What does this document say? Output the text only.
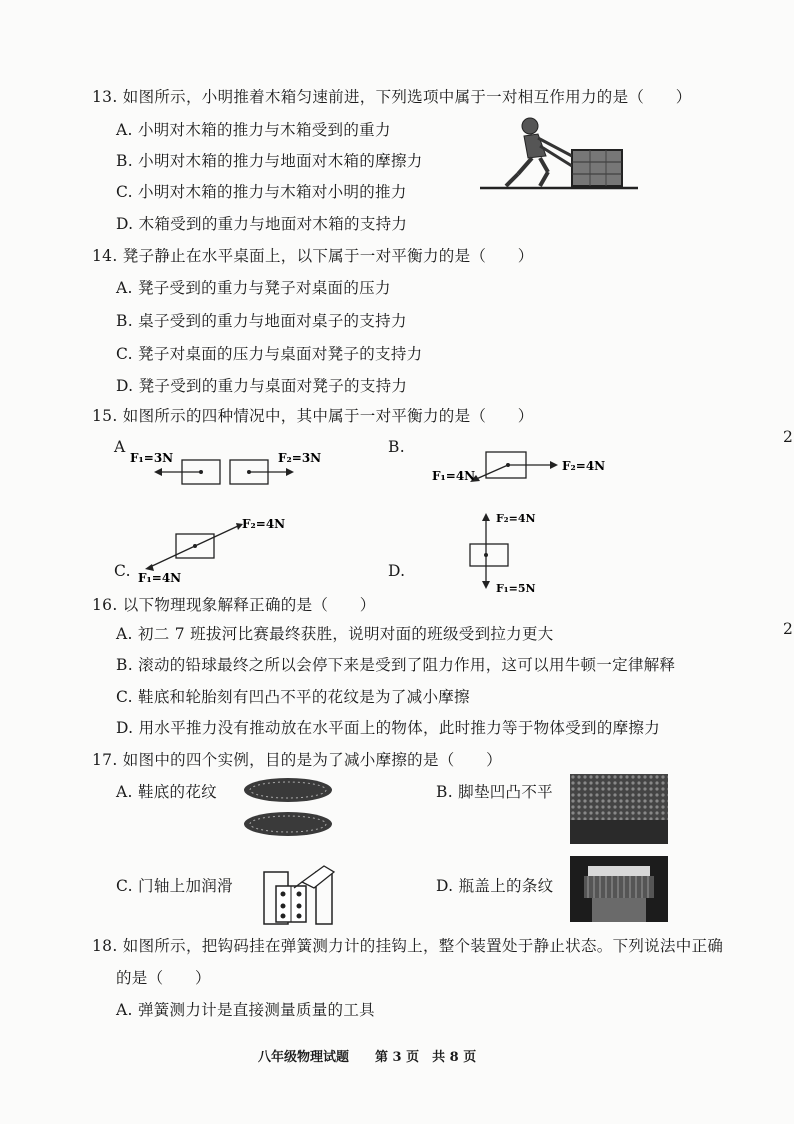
13. 如图所示，小明推着木箱匀速前进，下列选项中属于一对相互作用力的是（　　）
A. 小明对木箱的推力与木箱受到的重力
B. 小明对木箱的推力与地面对木箱的摩擦力
C. 小明对木箱的推力与木箱对小明的推力
D. 木箱受到的重力与地面对木箱的支持力
14. 凳子静止在水平桌面上，以下属于一对平衡力的是（　　）
A. 凳子受到的重力与凳子对桌面的压力
B. 桌子受到的重力与地面对桌子的支持力
C. 凳子对桌面的压力与桌面对凳子的支持力
D. 凳子受到的重力与桌面对凳子的支持力
15. 如图所示的四种情况中，其中属于一对平衡力的是（　　）
A
F₁=3N	F₂=3N
B.
F₁=4N
F₂=4N
C.
F₂=4N
F₁=4N	D.
F₂=4N
F₁=5N
16. 以下物理现象解释正确的是（　　）
A. 初二 7 班拔河比赛最终获胜，说明对面的班级受到拉力更大
B. 滚动的铅球最终之所以会停下来是受到了阻力作用，这可以用牛顿一定律解释
C. 鞋底和轮胎刻有凹凸不平的花纹是为了减小摩擦
D. 用水平推力没有推动放在水平面上的物体，此时推力等于物体受到的摩擦力
17. 如图中的四个实例，目的是为了减小摩擦的是（　　）
A. 鞋底的花纹	B. 脚垫凹凸不平
C. 门轴上加润滑	D. 瓶盖上的条纹
18. 如图所示，把钩码挂在弹簧测力计的挂钩上，整个装置处于静止状态。下列说法中正确
的是（　　）
A. 弹簧测力计是直接测量质量的工具
2
2
八年级物理试题　　第 3 页　共 8 页
